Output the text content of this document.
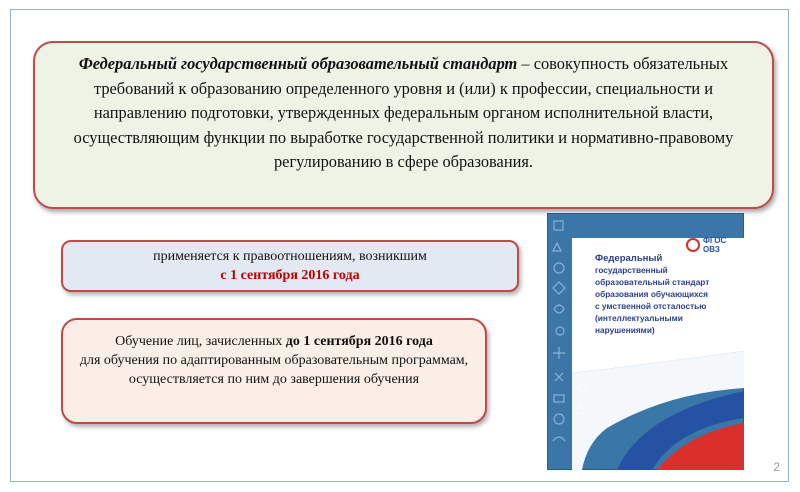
Федеральный государственный образовательный стандарт – совокупность обязательных требований к образованию определенного уровня и (или) к профессии, специальности и направлению подготовки, утвержденных федеральным органом исполнительной власти, осуществляющим функции по выработке государственной политики и нормативно-правовому регулированию в сфере образования.
применяется к правоотношениям, возникшим
с 1 сентября 2016 года
Обучение лиц, зачисленных до 1 сентября 2016 года
для обучения по адаптированным образовательным программам,
осуществляется по ним до завершения обучения
ФГОС
ОВЗ
Федеральный
государственный
образовательный стандарт
образования обучающихся
с умственной отсталостью
(интеллектуальными
нарушениями)
2
